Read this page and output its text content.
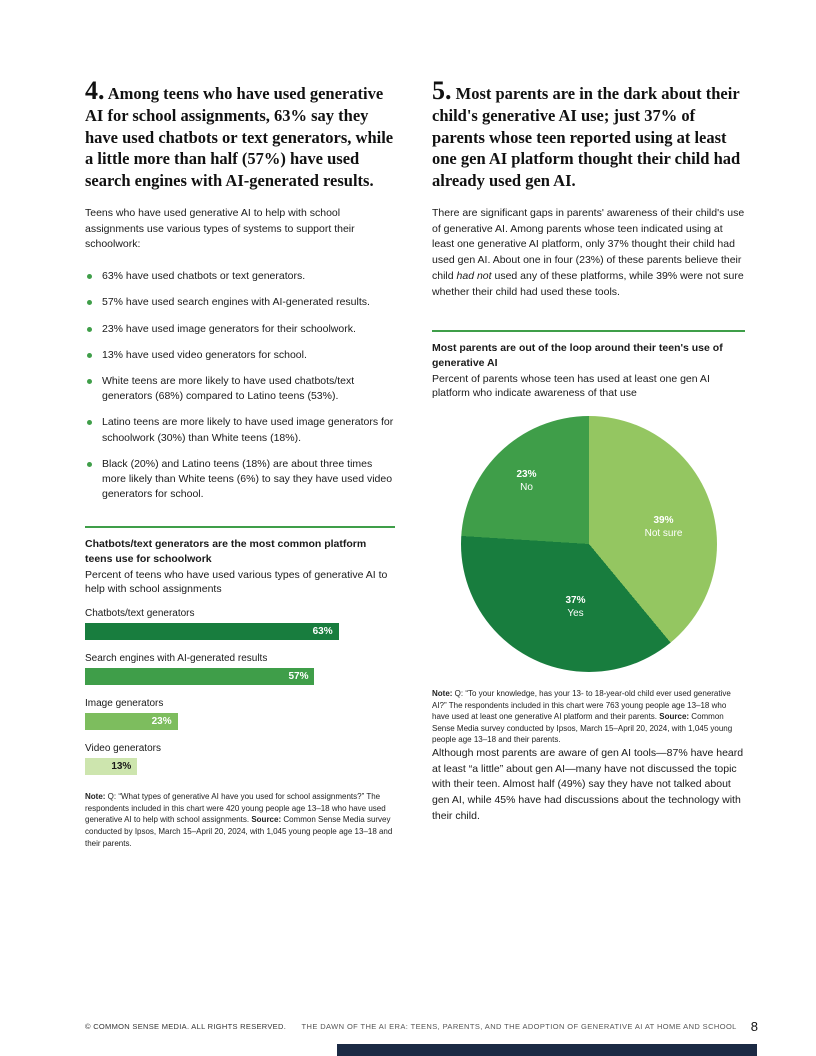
4. Among teens who have used generative AI for school assignments, 63% say they have used chatbots or text generators, while a little more than half (57%) have used search engines with AI-generated results.

Teens who have used generative AI to help with school assignments use various types of systems to support their schoolwork:

63% have used chatbots or text generators.
57% have used search engines with AI-generated results.
23% have used image generators for their schoolwork.
13% have used video generators for school.
White teens are more likely to have used chatbots/text generators (68%) compared to Latino teens (53%).
Latino teens are more likely to have used image generators for schoolwork (30%) than White teens (18%).
Black (20%) and Latino teens (18%) are about three times more likely than White teens (6%) to say they have used video generators for school.
Chatbots/text generators are the most common platform teens use for schoolwork
Percent of teens who have used various types of generative AI to help with school assignments
Chatbots/text generators
63%
Search engines with AI-generated results
57%
Image generators
23%
Video generators
13%
Note: Q: “What types of generative AI have you used for school assignments?” The respondents included in this chart were 420 young people age 13–18 who have used generative AI to help with school assignments. Source: Common Sense Media survey conducted by Ipsos, March 15–April 20, 2024, with 1,045 young people age 13–18 and their parents.
5. Most parents are in the dark about their child's generative AI use; just 37% of parents whose teen reported using at least one gen AI platform thought their child had already used gen AI.

There are significant gaps in parents' awareness of their child's use of generative AI. Among parents whose teen indicated using at least one generative AI platform, only 37% thought their child had used gen AI. About one in four (23%) of these parents believe their child had not used any of these platforms, while 39% were not sure whether their child had used these tools.

Most parents are out of the loop around their teen's use of generative AI
Percent of parents whose teen has used at least one gen AI platform who indicate awareness of that use
23%
No
39%
Not sure
37%
Yes
Note: Q: “To your knowledge, has your 13- to 18-year-old child ever used generative AI?” The respondents included in this chart were 763 young people age 13–18 who have used at least one generative AI platform and their parents. Source: Common Sense Media survey conducted by Ipsos, March 15–April 20, 2024, with 1,045 young people age 13–18 and their parents.

Although most parents are aware of gen AI tools—87% have heard at least “a little” about gen AI—many have not discussed the topic with their teen. Almost half (49%) say they have not talked about gen AI, while 45% have had discussions about the technology with their child.

© COMMON SENSE MEDIA. ALL RIGHTS RESERVED. THE DAWN OF THE AI ERA: TEENS, PARENTS, AND THE ADOPTION OF GENERATIVE AI AT HOME AND SCHOOL 8
